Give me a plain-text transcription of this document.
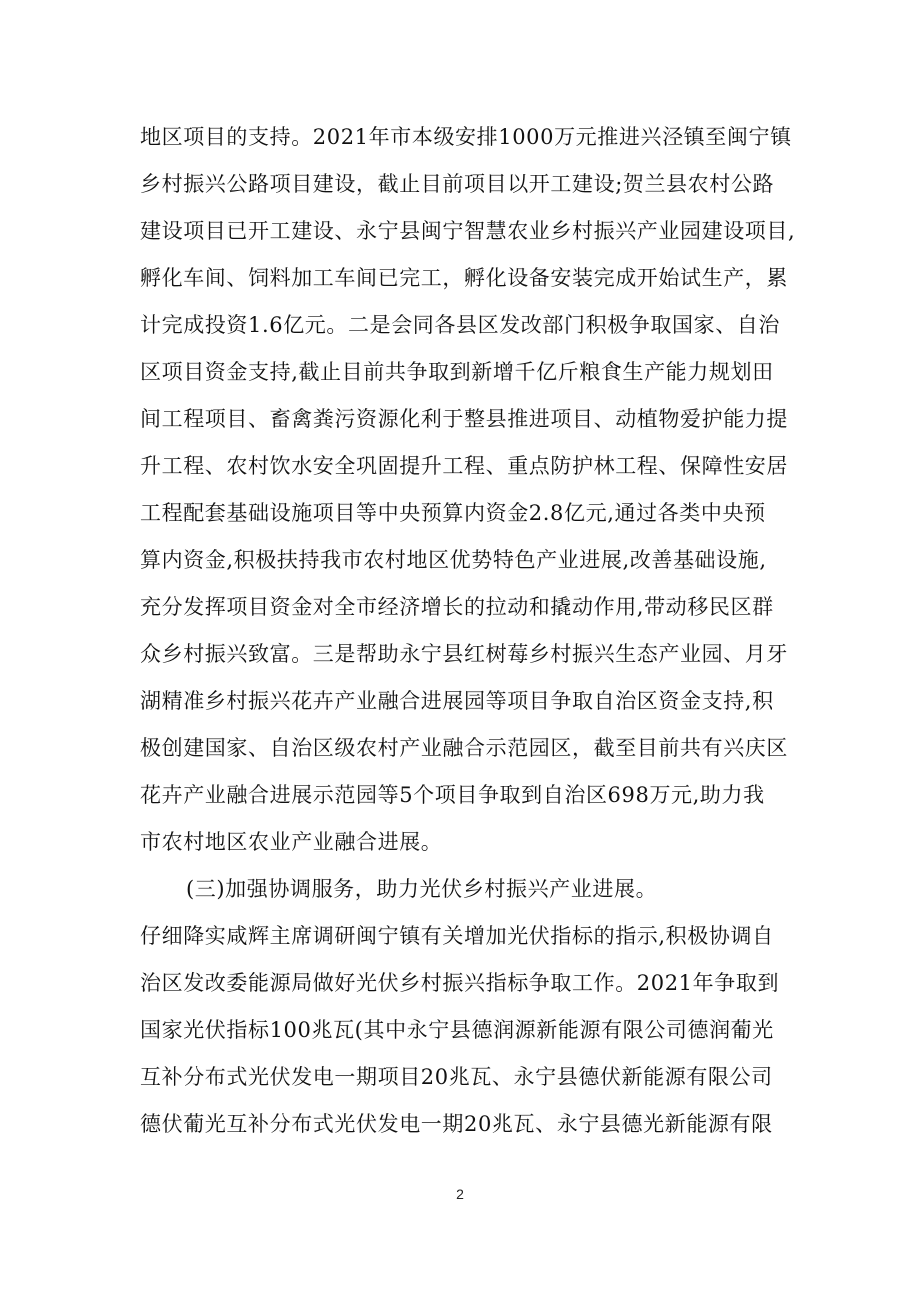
地区项目的支持。2021年市本级安排1000万元推进兴泾镇至闽宁镇
乡村振兴公路项目建设，截止目前项目以开工建设;贺兰县农村公路
建设项目已开工建设、永宁县闽宁智慧农业乡村振兴产业园建设项目,
孵化车间、饲料加工车间已完工，孵化设备安装完成开始试生产，累
计完成投资1.6亿元。二是会同各县区发改部门积极争取国家、自治
区项目资金支持,截止目前共争取到新增千亿斤粮食生产能力规划田
间工程项目、畜禽粪污资源化利于整县推进项目、动植物爱护能力提
升工程、农村饮水安全巩固提升工程、重点防护林工程、保障性安居
工程配套基础设施项目等中央预算内资金2.8亿元,通过各类中央预
算内资金,积极扶持我市农村地区优势特色产业进展,改善基础设施,
充分发挥项目资金对全市经济增长的拉动和撬动作用,带动移民区群
众乡村振兴致富。三是帮助永宁县红树莓乡村振兴生态产业园、月牙
湖精准乡村振兴花卉产业融合进展园等项目争取自治区资金支持,积
极创建国家、自治区级农村产业融合示范园区，截至目前共有兴庆区
花卉产业融合进展示范园等5个项目争取到自治区698万元,助力我
市农村地区农业产业融合进展。
(三)加强协调服务，助力光伏乡村振兴产业进展。
仔细降实咸辉主席调研闽宁镇有关增加光伏指标的指示,积极协调自
治区发改委能源局做好光伏乡村振兴指标争取工作。2021年争取到
国家光伏指标100兆瓦(其中永宁县德润源新能源有限公司德润葡光
互补分布式光伏发电一期项目20兆瓦、永宁县德伏新能源有限公司
德伏葡光互补分布式光伏发电一期20兆瓦、永宁县德光新能源有限
2
